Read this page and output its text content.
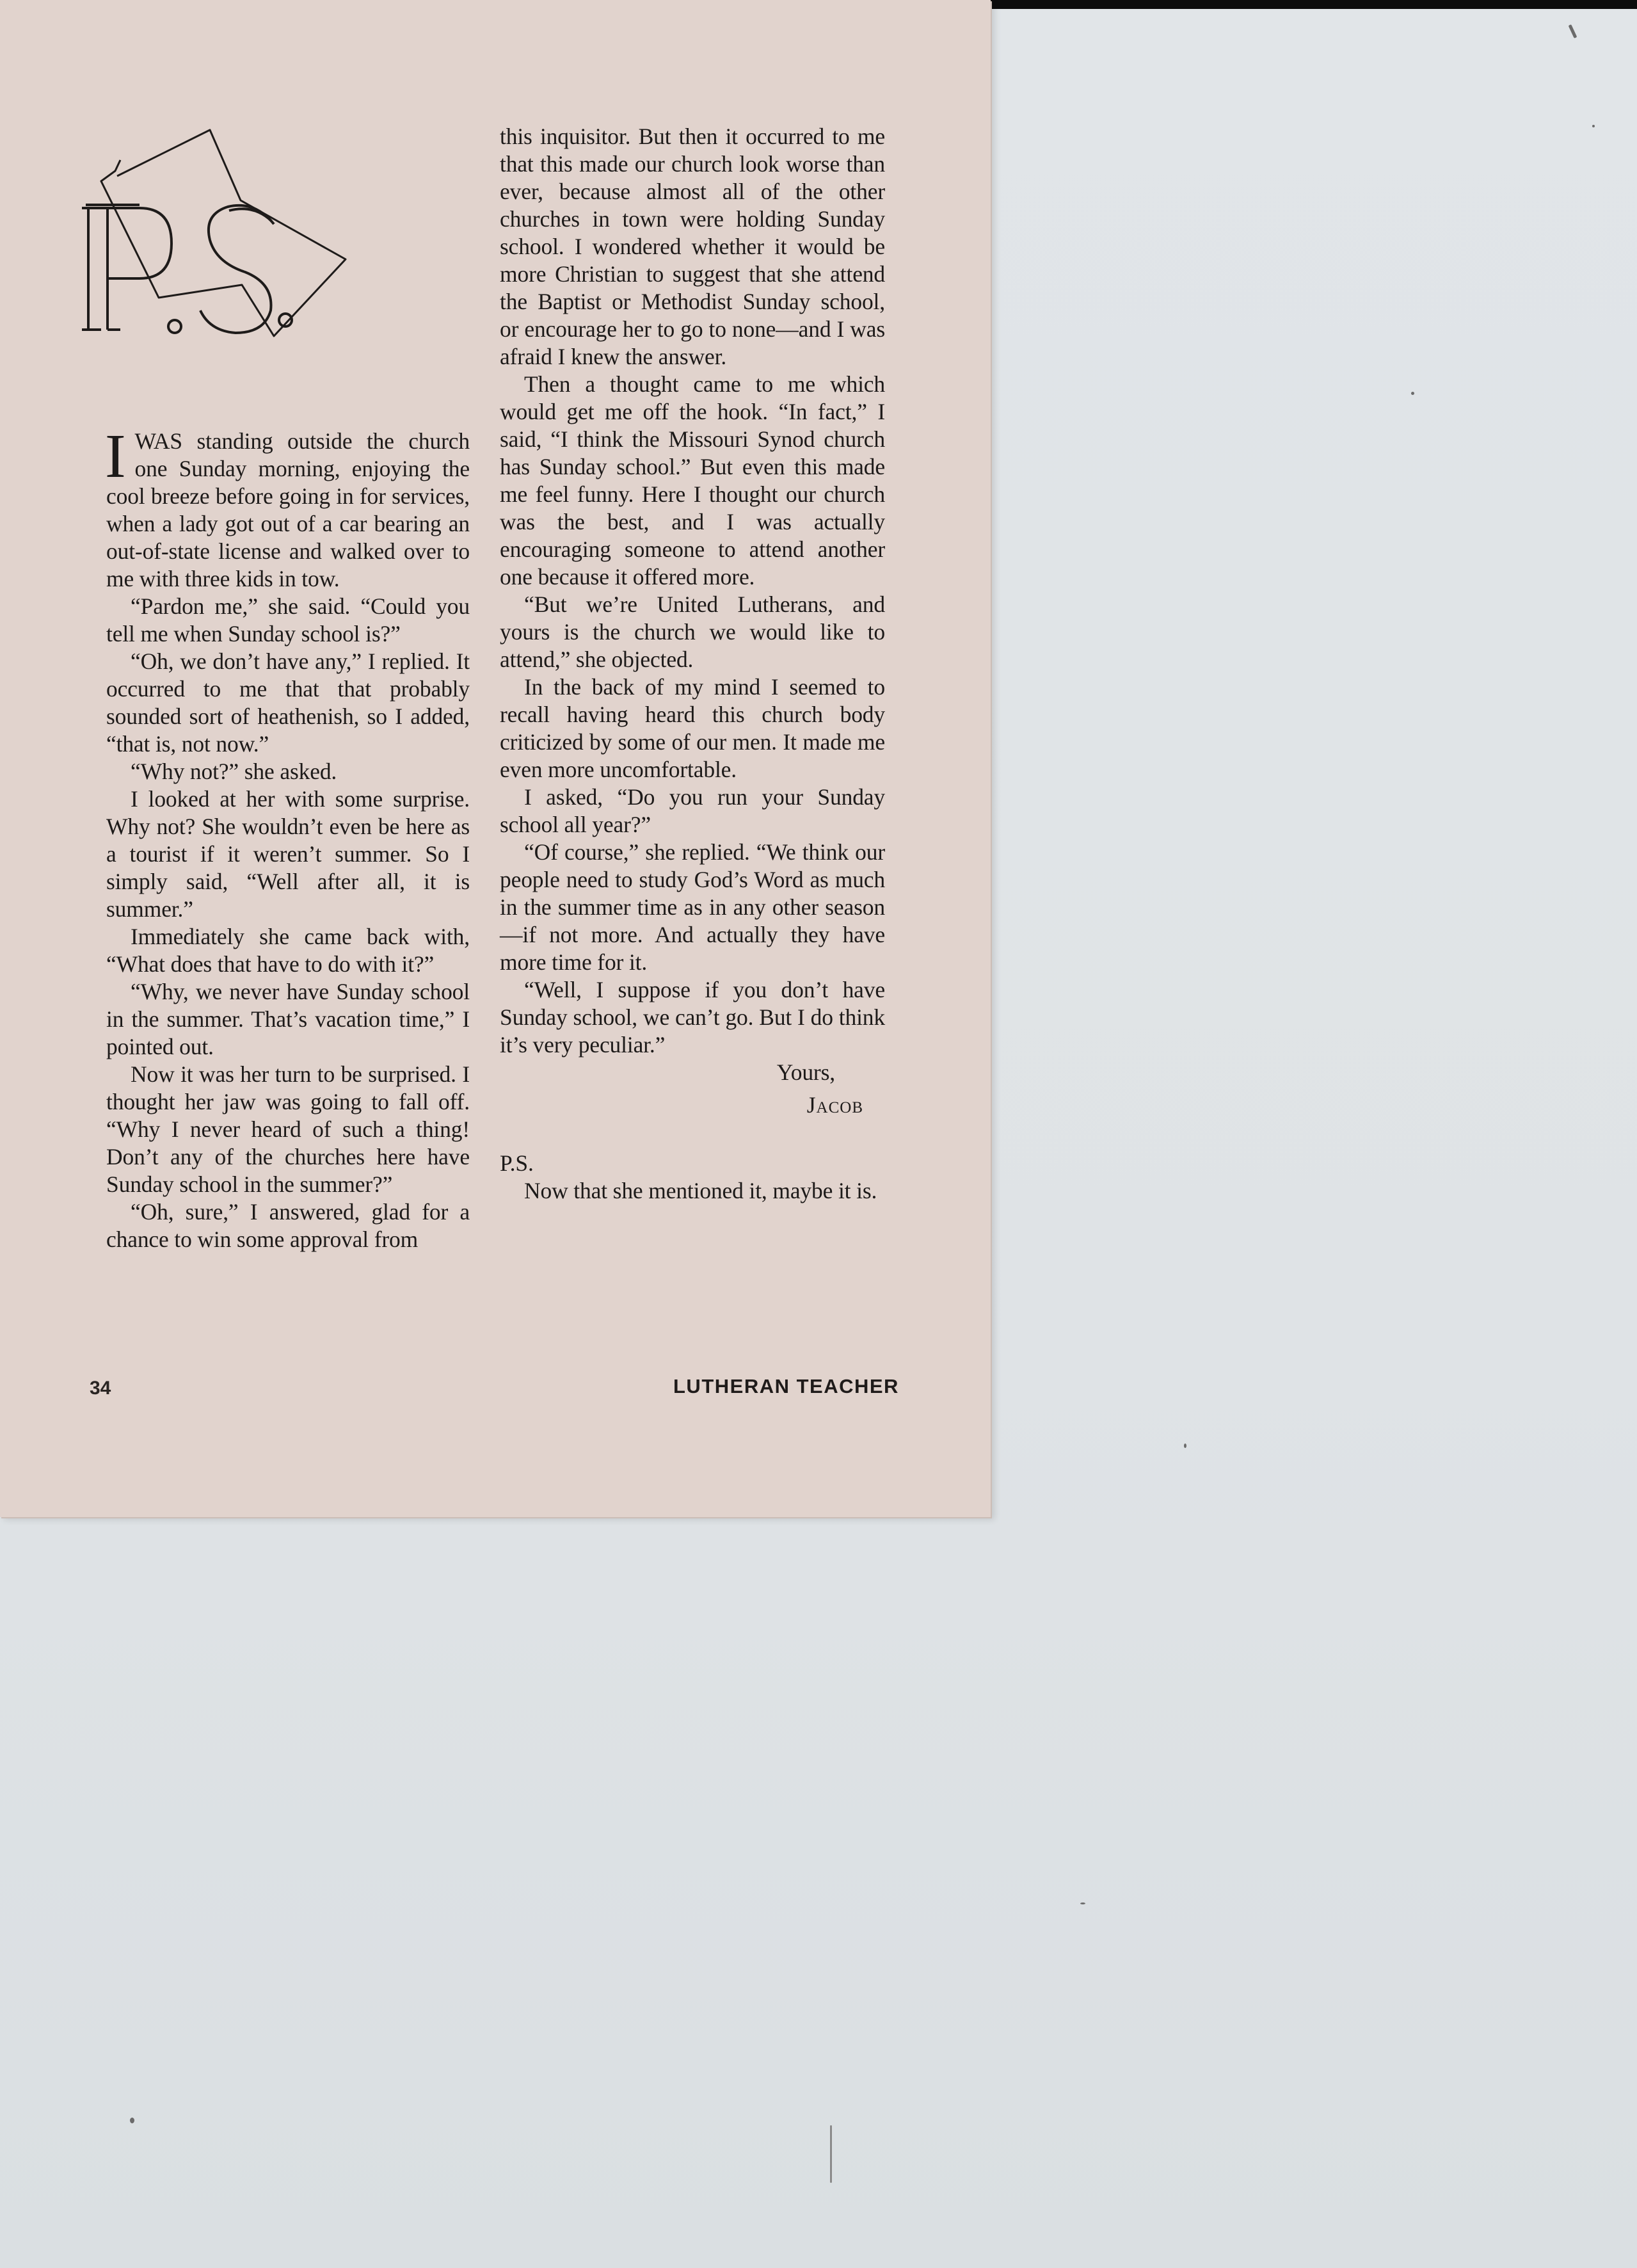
IWAS standing outside the church one Sunday morning, enjoying the cool breeze before going in for services, when a lady got out of a car bearing an out-of-state license and walked over to me with three kids in tow.

“Pardon me,” she said. “Could you tell me when Sunday school is?”

“Oh, we don’t have any,” I replied. It occurred to me that that probably sounded sort of heathenish, so I added, “that is, not now.”

“Why not?” she asked.

I looked at her with some surprise. Why not? She wouldn’t even be here as a tourist if it weren’t summer. So I simply said, “Well after all, it is summer.”

Immediately she came back with, “What does that have to do with it?”

“Why, we never have Sunday school in the summer. That’s vacation time,” I pointed out.

Now it was her turn to be surprised. I thought her jaw was going to fall off. “Why I never heard of such a thing! Don’t any of the churches here have Sunday school in the summer?”

“Oh, sure,” I answered, glad for a chance to win some approval from

this inquisitor. But then it occurred to me that this made our church look worse than ever, because almost all of the other churches in town were holding Sunday school. I wondered whether it would be more Christian to suggest that she attend the Baptist or Methodist Sunday school, or encourage her to go to none—and I was afraid I knew the answer.

Then a thought came to me which would get me off the hook. “In fact,” I said, “I think the Missouri Synod church has Sunday school.” But even this made me feel funny. Here I thought our church was the best, and I was actually encouraging someone to attend another one because it offered more.

“But we’re United Lutherans, and yours is the church we would like to attend,” she objected.

In the back of my mind I seemed to recall having heard this church body criticized by some of our men. It made me even more uncomfortable.

I asked, “Do you run your Sunday school all year?”

“Of course,” she replied. “We think our people need to study God’s Word as much in the summer time as in any other season—if not more. And actually they have more time for it.

“Well, I suppose if you don’t have Sunday school, we can’t go. But I do think it’s very peculiar.”

Yours,

Jacob

P.S.

Now that she mentioned it, maybe it is.

34	LUTHERAN TEACHER
